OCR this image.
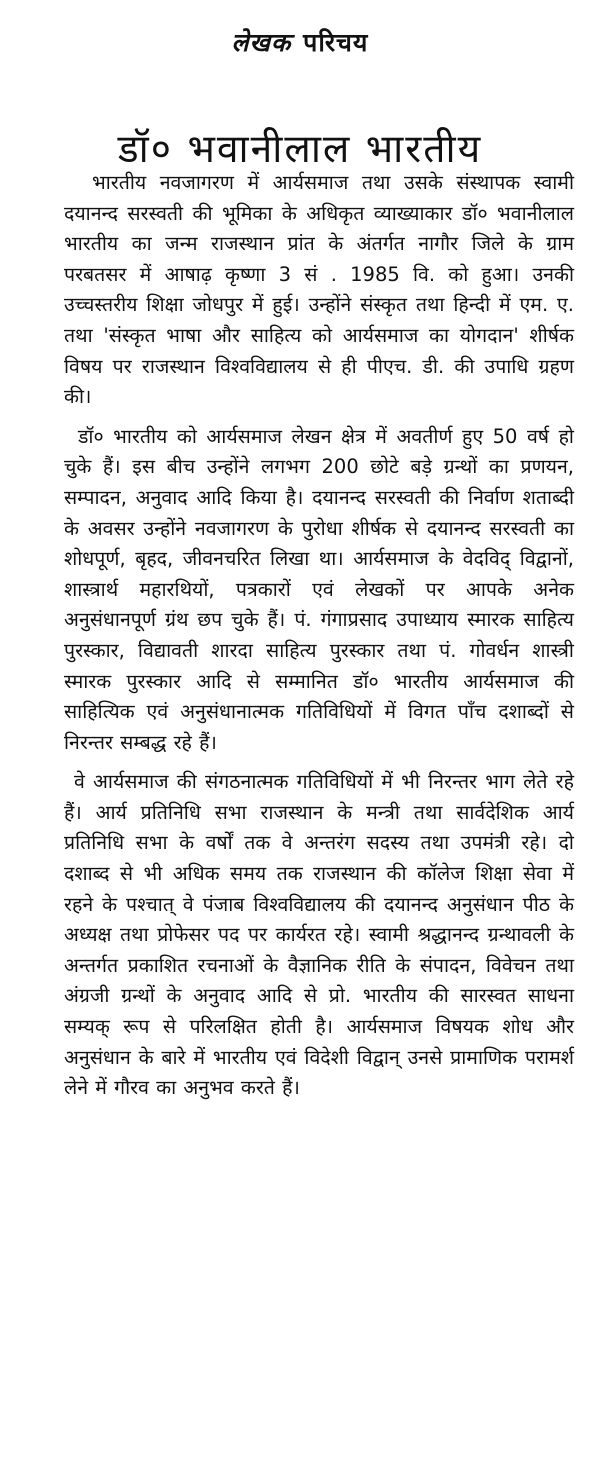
लेखक परिचय
डॉ० भवानीलाल भारतीय

भारतीय नवजागरण में आर्यसमाज तथा उसके संस्थापक स्वामी दयानन्द सरस्वती की भूमिका के अधिकृत व्याख्याकार डॉ० भवानीलाल भारतीय का जन्म राजस्थान प्रांत के अंतर्गत नागौर जिले के ग्राम परबतसर में आषाढ़ कृष्णा 3 सं . 1985 वि. को हुआ। उनकी उच्चस्तरीय शिक्षा जोधपुर में हुई। उन्होंने संस्कृत तथा हिन्दी में एम. ए. तथा 'संस्कृत भाषा और साहित्य को आर्यसमाज का योगदान' शीर्षक विषय पर राजस्थान विश्वविद्यालय से ही पीएच. डी. की उपाधि ग्रहण की।

डॉ० भारतीय को आर्यसमाज लेखन क्षेत्र में अवतीर्ण हुए 50 वर्ष हो चुके हैं। इस बीच उन्होंने लगभग 200 छोटे बड़े ग्रन्थों का प्रणयन, सम्पादन, अनुवाद आदि किया है। दयानन्द सरस्वती की निर्वाण शताब्दी के अवसर उन्होंने नवजागरण के पुरोधा शीर्षक से दयानन्द सरस्वती का शोधपूर्ण, बृहद, जीवनचरित लिखा था। आर्यसमाज के वेदविद् विद्वानों, शास्त्रार्थ महारथियों, पत्रकारों एवं लेखकों पर आपके अनेक अनुसंधानपूर्ण ग्रंथ छप चुके हैं। पं. गंगाप्रसाद उपाध्याय स्मारक साहित्य पुरस्कार, विद्यावती शारदा साहित्य पुरस्कार तथा पं. गोवर्धन शास्त्री स्मारक पुरस्कार आदि से सम्मानित डॉ० भारतीय आर्यसमाज की साहित्यिक एवं अनुसंधानात्मक गतिविधियों में विगत पाँच दशाब्दों से निरन्तर सम्बद्ध रहे हैं।

वे आर्यसमाज की संगठनात्मक गतिविधियों में भी निरन्तर भाग लेते रहे हैं। आर्य प्रतिनिधि सभा राजस्थान के मन्त्री तथा सार्वदेशिक आर्य प्रतिनिधि सभा के वर्षों तक वे अन्तरंग सदस्य तथा उपमंत्री रहे। दो दशाब्द से भी अधिक समय तक राजस्थान की कॉलेज शिक्षा सेवा में रहने के पश्चात् वे पंजाब विश्वविद्यालय की दयानन्द अनुसंधान पीठ के अध्यक्ष तथा प्रोफेसर पद पर कार्यरत रहे। स्वामी श्रद्धानन्द ग्रन्थावली के अन्तर्गत प्रकाशित रचनाओं के वैज्ञानिक रीति के संपादन, विवेचन तथा अंग्रजी ग्रन्थों के अनुवाद आदि से प्रो. भारतीय की सारस्वत साधना सम्यक् रूप से परिलक्षित होती है। आर्यसमाज विषयक शोध और अनुसंधान के बारे में भारतीय एवं विदेशी विद्वान् उनसे प्रामाणिक परामर्श लेने में गौरव का अनुभव करते हैं।
